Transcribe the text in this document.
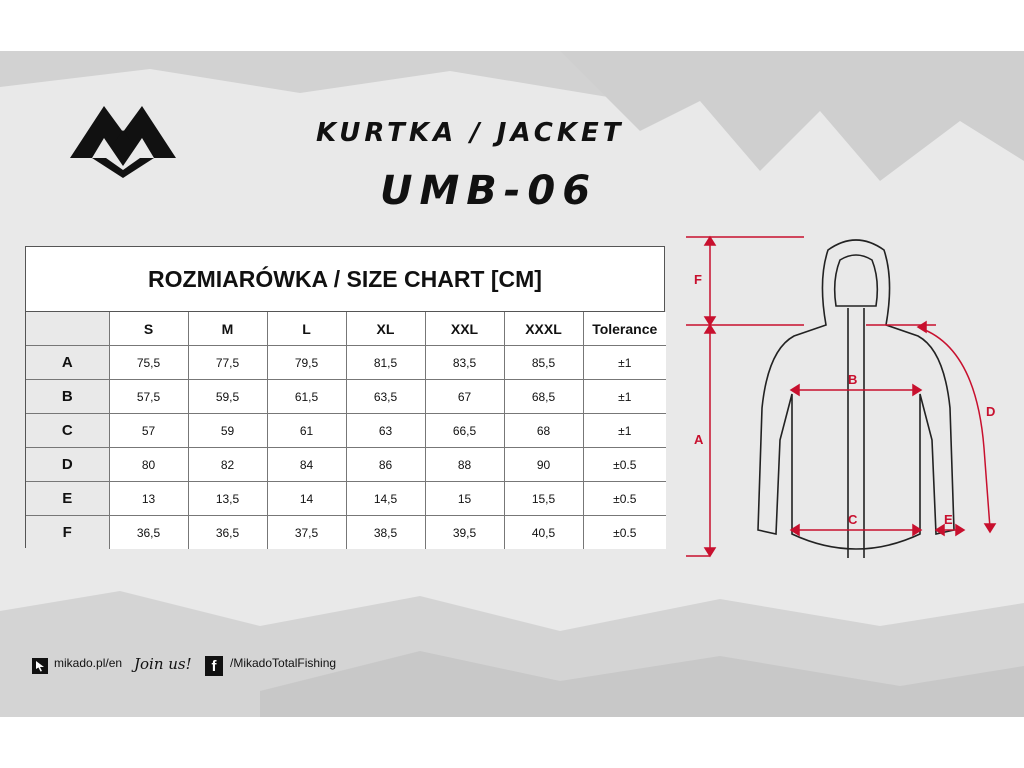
KURTKA / JACKET
UMB-06
ROZMIARÓWKA / SIZE CHART [CM]
	S	M	L	XL	XXL	XXXL	Tolerance
A	75,5	77,5	79,5	81,5	83,5	85,5	±1
B	57,5	59,5	61,5	63,5	67	68,5	±1
C	57	59	61	63	66,5	68	±1
D	80	82	84	86	88	90	±0.5
E	13	13,5	14	14,5	15	15,5	±0.5
F	36,5	36,5	37,5	38,5	39,5	40,5	±0.5
F
A
B
C
D
E
mikado.pl/en Join us!	f	/MikadoTotalFishing
